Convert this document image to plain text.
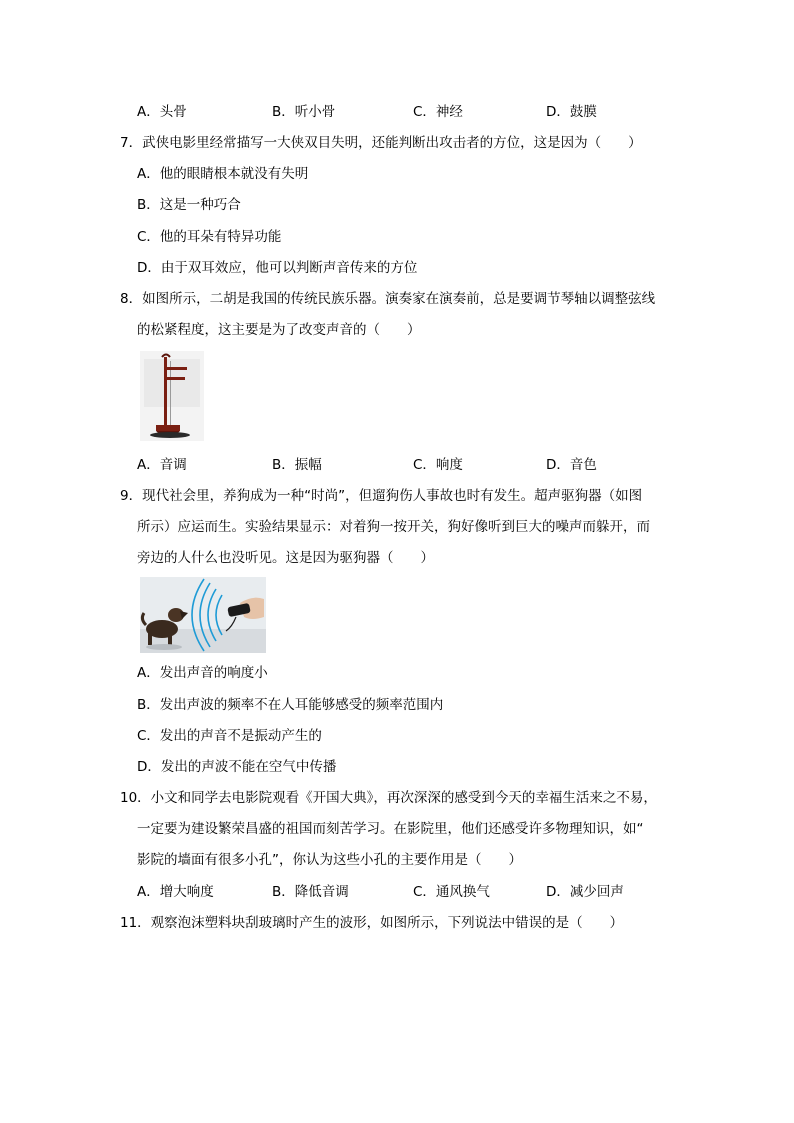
A．头骨	B．听小骨	C．神经	D．鼓膜
7．武侠电影里经常描写一大侠双目失明，还能判断出攻击者的方位，这是因为（　　）
A．他的眼睛根本就没有失明
B．这是一种巧合
C．他的耳朵有特异功能
D．由于双耳效应，他可以判断声音传来的方位
8．如图所示，二胡是我国的传统民族乐器。演奏家在演奏前，总是要调节琴轴以调整弦线
的松紧程度，这主要是为了改变声音的（　　）
A．音调	B．振幅	C．响度	D．音色
9．现代社会里，养狗成为一种“时尚”，但遛狗伤人事故也时有发生。超声驱狗器（如图
所示）应运而生。实验结果显示：对着狗一按开关，狗好像听到巨大的噪声而躲开，而
旁边的人什么也没听见。这是因为驱狗器（　　）
A．发出声音的响度小
B．发出声波的频率不在人耳能够感受的频率范围内
C．发出的声音不是振动产生的
D．发出的声波不能在空气中传播
10．小文和同学去电影院观看《开国大典》，再次深深的感受到今天的幸福生活来之不易，
一定要为建设繁荣昌盛的祖国而刻苦学习。在影院里，他们还感受许多物理知识，如“
影院的墙面有很多小孔”，你认为这些小孔的主要作用是（　　）
A．增大响度	B．降低音调	C．通风换气	D．减少回声
11．观察泡沫塑料块刮玻璃时产生的波形，如图所示，下列说法中错误的是（　　）
